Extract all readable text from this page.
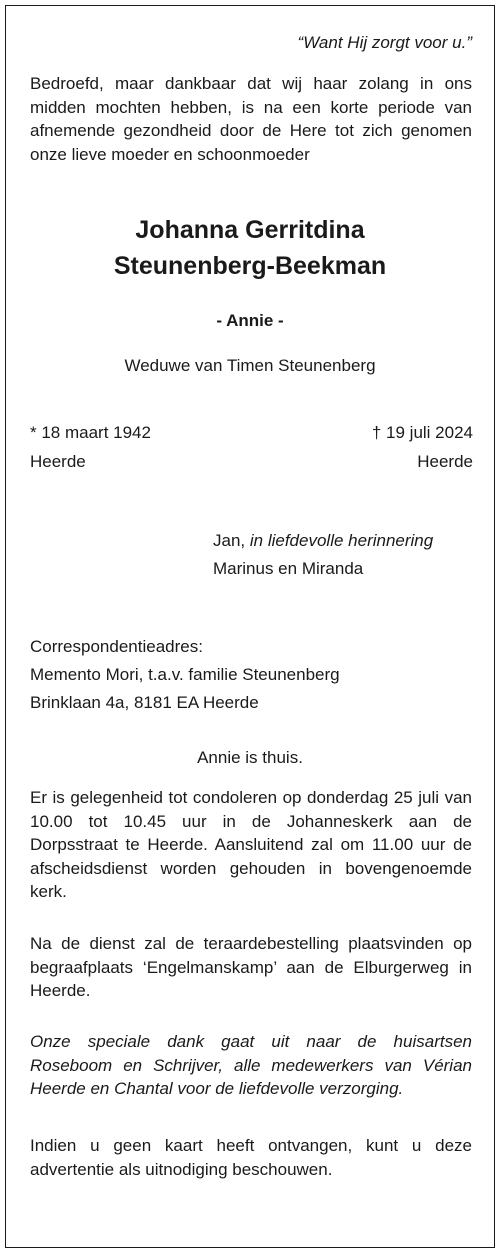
“Want Hij zorgt voor u.”

Bedroefd, maar dankbaar dat wij haar zolang in ons midden mochten hebben, is na een korte periode van afnemende gezondheid door de Here tot zich genomen onze lieve moeder en schoonmoeder

Johanna Gerritdina

Steunenberg-Beekman

- Annie -

Weduwe van Timen Steunenberg

* 18 maart 1942

Heerde

† 19 juli 2024

Heerde

Jan, in liefdevolle herinnering

Marinus en Miranda

Correspondentieadres:

Memento Mori, t.a.v. familie Steunenberg

Brinklaan 4a, 8181 EA Heerde

Annie is thuis.

Er is gelegenheid tot condoleren op donderdag 25 juli van 10.00 tot 10.45 uur in de Johanneskerk aan de Dorpsstraat te Heerde. Aansluitend zal om 11.00 uur de afscheidsdienst worden gehouden in bovengenoemde kerk.

Na de dienst zal de teraardebestelling plaatsvinden op begraafplaats ‘Engelmanskamp’ aan de Elburgerweg in Heerde.

Onze speciale dank gaat uit naar de huisartsen Roseboom en Schrijver, alle medewerkers van Vérian Heerde en Chantal voor de liefdevolle verzorging.

Indien u geen kaart heeft ontvangen, kunt u deze advertentie als uitnodiging beschouwen.
